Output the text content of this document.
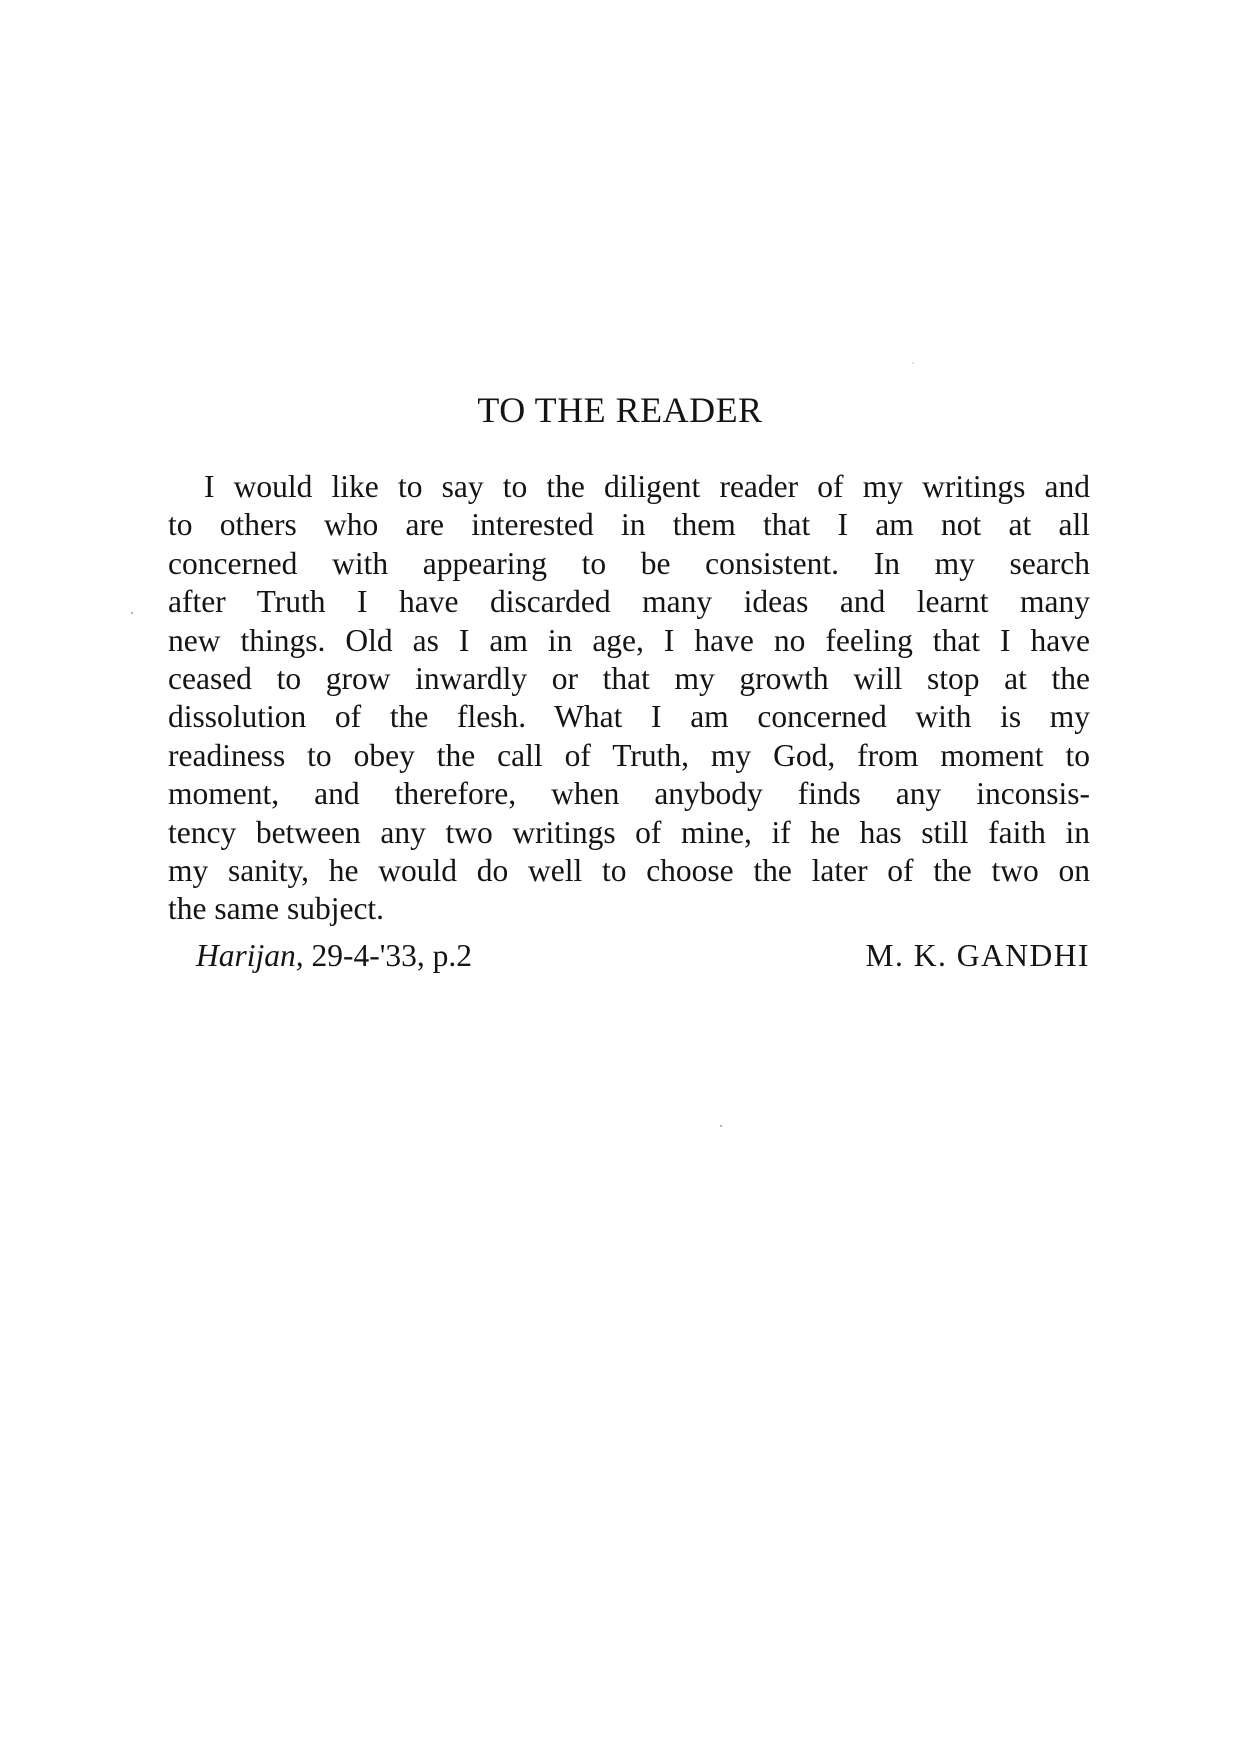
TO THE READER
I would like to say to the diligent reader of my writings and
to others who are interested in them that I am not at all
concerned with appearing to be consistent. In my search
after Truth I have discarded many ideas and learnt many
new things. Old as I am in age, I have no feeling that I have
ceased to grow inwardly or that my growth will stop at the
dissolution of the flesh. What I am concerned with is my
readiness to obey the call of Truth, my God, from moment to
moment, and therefore, when anybody finds any inconsis-
tency between any two writings of mine, if he has still faith in
my sanity, he would do well to choose the later of the two on
the same subject.
Harijan, 29-4-'33, p.2	M. K. GANDHI
